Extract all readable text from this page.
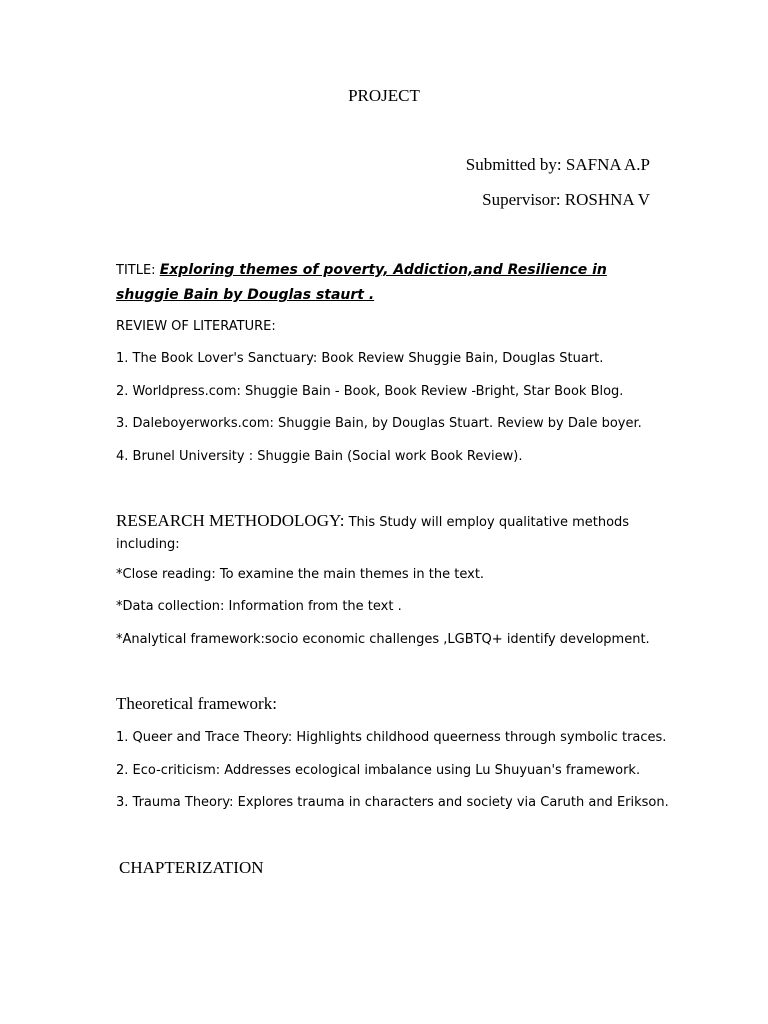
PROJECT
Submitted by: SAFNA A.P
Supervisor: ROSHNA V
TITLE: Exploring themes of poverty, Addiction,and Resilience in shuggie Bain by Douglas staurt .
REVIEW OF LITERATURE:
1. The Book Lover's Sanctuary: Book Review Shuggie Bain, Douglas Stuart.
2. Worldpress.com: Shuggie Bain - Book, Book Review -Bright, Star Book Blog.
3. Daleboyerworks.com: Shuggie Bain, by Douglas Stuart. Review by Dale boyer.
4. Brunel University : Shuggie Bain (Social work Book Review).
RESEARCH METHODOLOGY: This Study will employ qualitative methods including:
*Close reading: To examine the main themes in the text.
*Data collection: Information from the text .
*Analytical framework:socio economic challenges ,LGBTQ+ identify development.
Theoretical framework:
1. Queer and Trace Theory: Highlights childhood queerness through symbolic traces.
2. Eco-criticism: Addresses ecological imbalance using Lu Shuyuan's framework.
3. Trauma Theory: Explores trauma in characters and society via Caruth and Erikson.
CHAPTERIZATION
